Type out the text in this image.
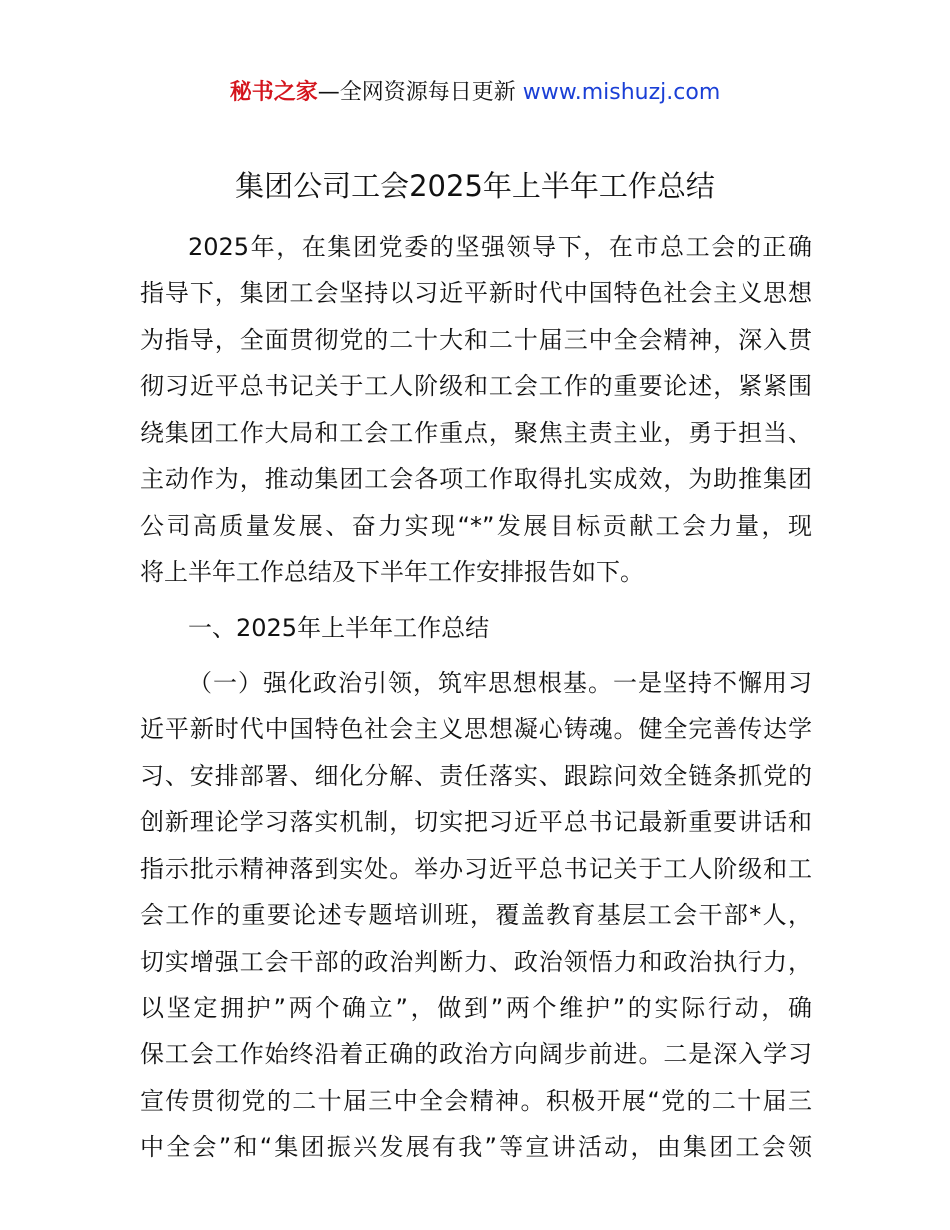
秘书之家—全网资源每日更新 www.mishuzj.com
集团公司工会2025年上半年工作总结
2025年，在集团党委的坚强领导下，在市总工会的正确
指导下，集团工会坚持以习近平新时代中国特色社会主义思想
为指导，全面贯彻党的二十大和二十届三中全会精神，深入贯
彻习近平总书记关于工人阶级和工会工作的重要论述，紧紧围
绕集团工作大局和工会工作重点，聚焦主责主业，勇于担当、
主动作为，推动集团工会各项工作取得扎实成效，为助推集团
公司高质量发展、奋力实现“*”发展目标贡献工会力量，现
将上半年工作总结及下半年工作安排报告如下。
一、2025年上半年工作总结
（一）强化政治引领，筑牢思想根基。一是坚持不懈用习
近平新时代中国特色社会主义思想凝心铸魂。健全完善传达学
习、安排部署、细化分解、责任落实、跟踪问效全链条抓党的
创新理论学习落实机制，切实把习近平总书记最新重要讲话和
指示批示精神落到实处。举办习近平总书记关于工人阶级和工
会工作的重要论述专题培训班，覆盖教育基层工会干部*人，
切实增强工会干部的政治判断力、政治领悟力和政治执行力，
以坚定拥护”两个确立”，做到”两个维护”的实际行动，确
保工会工作始终沿着正确的政治方向阔步前进。二是深入学习
宣传贯彻党的二十届三中全会精神。积极开展“党的二十届三
中全会”和“集团振兴发展有我”等宣讲活动，由集团工会领
